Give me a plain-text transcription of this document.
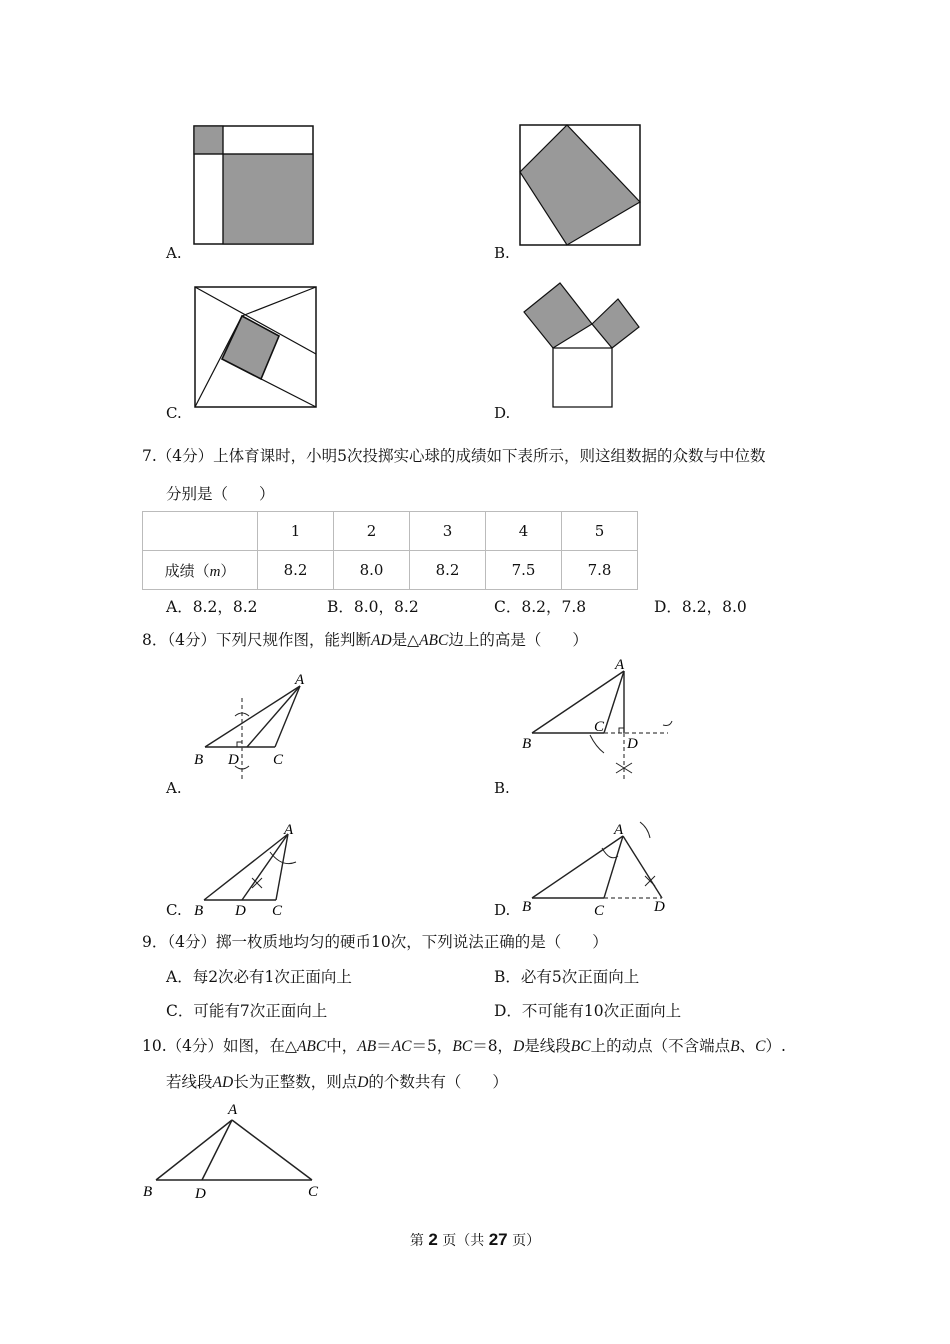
A.	B.
C.	D.
7.（4分）上体育课时，小明5次投掷实心球的成绩如下表所示，则这组数据的众数与中位数
分别是（　　）
	1	2	3	4	5
成绩（m）	8.2	8.0	8.2	7.5	7.8
A．8.2，8.2	B．8.0，8.2	C．8.2，7.8	D．8.2，8.0
8．（4分）下列尺规作图，能判断AD是△ABC边上的高是（　　）
A
B D C
A.
A
B
C
D
B.
A
B D C
C.
A
B	C	D
D.
9．（4分）掷一枚质地均匀的硬币10次，下列说法正确的是（　　）
A．每2次必有1次正面向上	B．必有5次正面向上
C．可能有7次正面向上	D．不可能有10次正面向上
10.（4分）如图，在△ABC中，AB＝AC＝5，BC＝8，D是线段BC上的动点（不含端点B、C）.
若线段AD长为正整数，则点D的个数共有（　　）
A
B	D	C
第 2 页（共 27 页）
